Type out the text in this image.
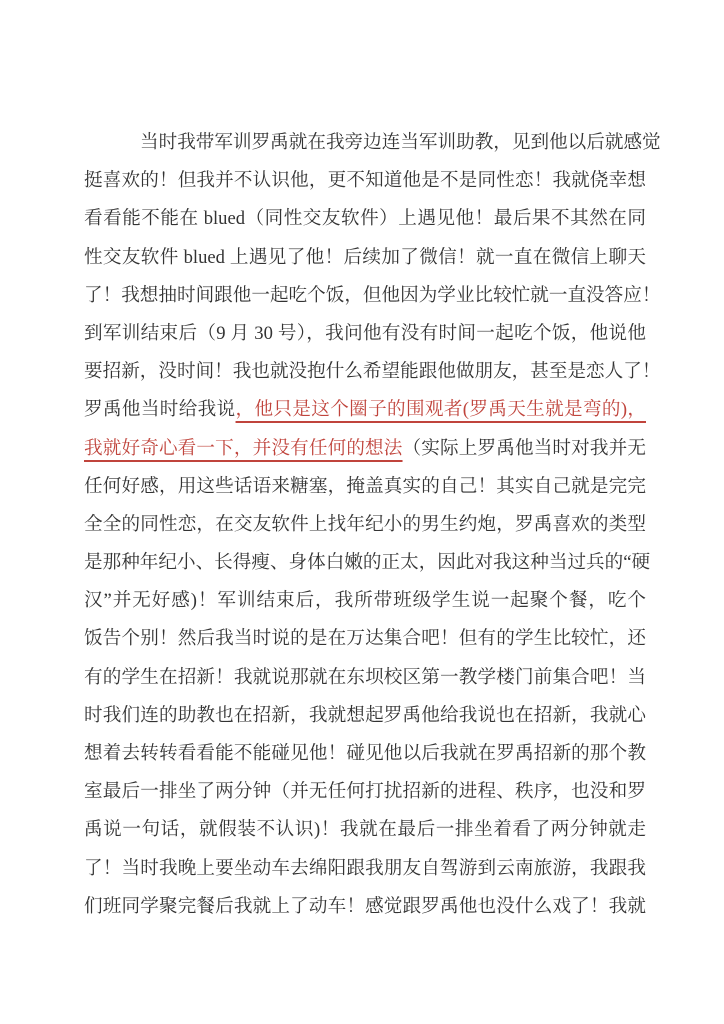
当时我带军训罗禹就在我旁边连当军训助教，见到他以后就感觉
挺喜欢的！但我并不认识他，更不知道他是不是同性恋！我就侥幸想
看看能不能在 blued（同性交友软件）上遇见他！最后果不其然在同
性交友软件 blued 上遇见了他！后续加了微信！就一直在微信上聊天
了！我想抽时间跟他一起吃个饭，但他因为学业比较忙就一直没答应！
到军训结束后（9 月 30 号），我问他有没有时间一起吃个饭，他说他
要招新，没时间！我也就没抱什么希望能跟他做朋友，甚至是恋人了！
罗禹他当时给我说，他只是这个圈子的围观者(罗禹天生就是弯的)，
我就好奇心看一下，并没有任何的想法（实际上罗禹他当时对我并无
任何好感，用这些话语来糖塞，掩盖真实的自己！其实自己就是完完
全全的同性恋，在交友软件上找年纪小的男生约炮，罗禹喜欢的类型
是那种年纪小、长得瘦、身体白嫩的正太，因此对我这种当过兵的“硬
汉”并无好感)！军训结束后，我所带班级学生说一起聚个餐，吃个
饭告个别！然后我当时说的是在万达集合吧！但有的学生比较忙，还
有的学生在招新！我就说那就在东坝校区第一教学楼门前集合吧！当
时我们连的助教也在招新，我就想起罗禹他给我说也在招新，我就心
想着去转转看看能不能碰见他！碰见他以后我就在罗禹招新的那个教
室最后一排坐了两分钟（并无任何打扰招新的进程、秩序，也没和罗
禹说一句话，就假装不认识)！我就在最后一排坐着看了两分钟就走
了！当时我晚上要坐动车去绵阳跟我朋友自驾游到云南旅游，我跟我
们班同学聚完餐后我就上了动车！感觉跟罗禹他也没什么戏了！我就
